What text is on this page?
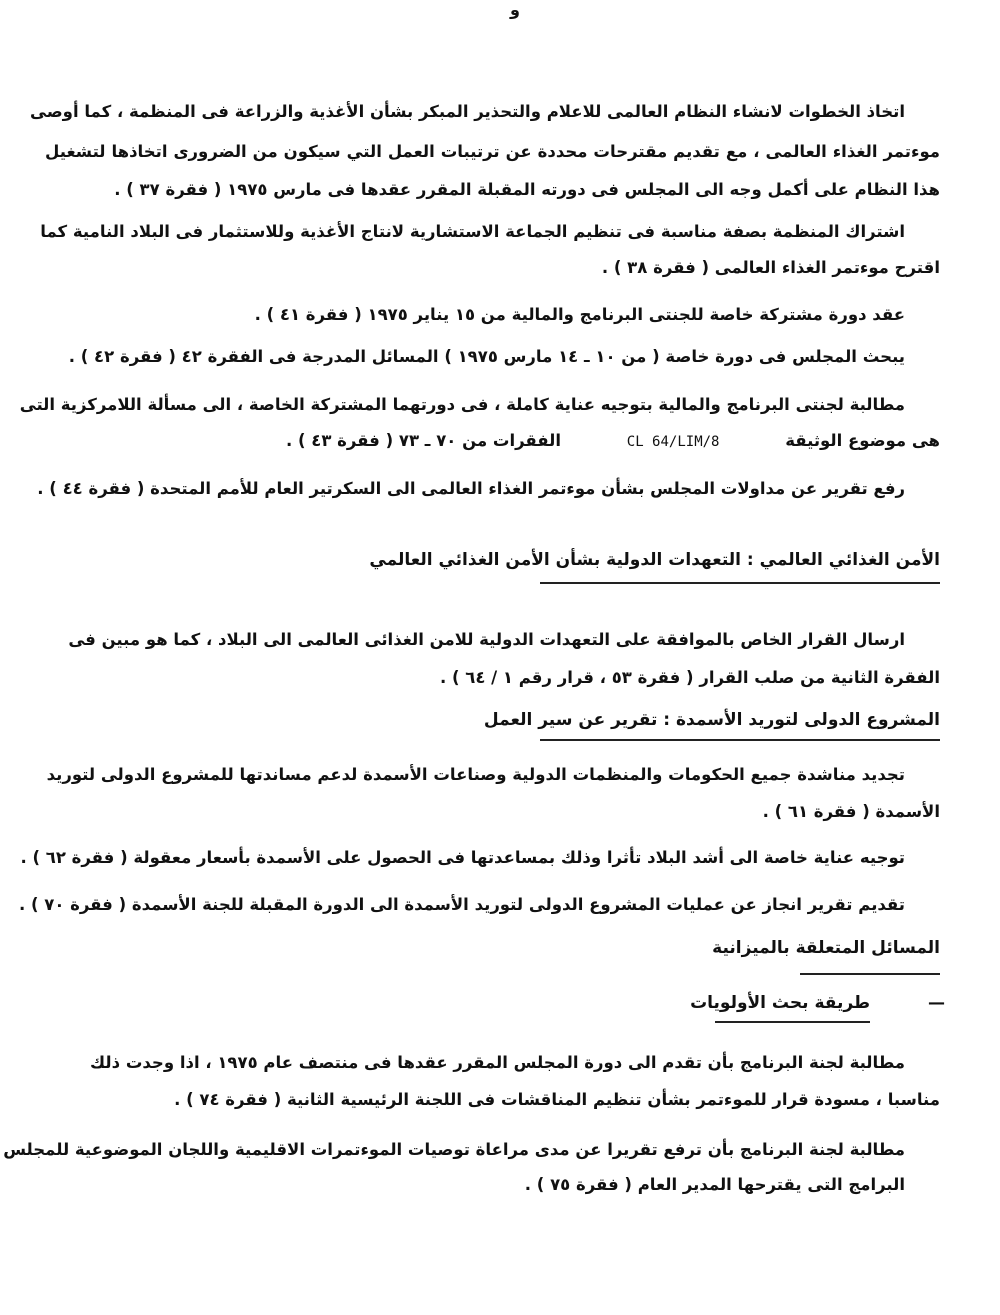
و
اتخاذ الخطوات لانشاء النظام العالمى للاعلام والتحذير المبكر بشأن الأغذية والزراعة فى المنظمة ، كما أوصى
موءتمر الغذاء العالمى ، مع تقديم مقترحات محددة عن ترتيبات العمل التي سيكون من الضرورى اتخاذها لتشغيل
هذا النظام على أكمل وجه الى المجلس فى دورته المقبلة المقرر عقدها فى مارس ١٩٧٥ ( فقرة ٣٧ ) .
اشتراك المنظمة بصفة مناسبة فى تنظيم الجماعة الاستشارية لانتاج الأغذية وللاستثمار فى البلاد النامية كما
اقترح موءتمر الغذاء العالمى ( فقرة ٣٨ ) .
عقد دورة مشتركة خاصة للجنتى البرنامج والمالية من ١٥ يناير ١٩٧٥ ( فقرة ٤١ ) .
يبحث المجلس فى دورة خاصة ( من ١٠ ـ ١٤ مارس ١٩٧٥ ) المسائل المدرجة فى الفقرة ٤٢ ( فقرة ٤٢ ) .
مطالبة لجنتى البرنامج والمالية بتوجيه عناية كاملة ، فى دورتهما المشتركة الخاصة ، الى مسألة اللامركزية التى
هى موضوع الوثيقة CL 64/LIM/8 الفقرات من ٧٠ ـ ٧٣ ( فقرة ٤٣ ) .
رفع تقرير عن مداولات المجلس بشأن موءتمر الغذاء العالمى الى السكرتير العام للأمم المتحدة ( فقرة ٤٤ ) .
الأمن الغذائي العالمي : التعهدات الدولية بشأن الأمن الغذائي العالمي
ارسال القرار الخاص بالموافقة على التعهدات الدولية للامن الغذائى العالمى الى البلاد ، كما هو مبين فى
الفقرة الثانية من صلب القرار ( فقرة ٥٣ ، قرار رقم ١ / ٦٤ ) .
المشروع الدولى لتوريد الأسمدة : تقرير عن سير العمل
تجديد مناشدة جميع الحكومات والمنظمات الدولية وصناعات الأسمدة لدعم مساندتها للمشروع الدولى لتوريد
الأسمدة ( فقرة ٦١ ) .
توجيه عناية خاصة الى أشد البلاد تأثرا وذلك بمساعدتها فى الحصول على الأسمدة بأسعار معقولة ( فقرة ٦٢ ) .
تقديم تقرير انجاز عن عمليات المشروع الدولى لتوريد الأسمدة الى الدورة المقبلة للجنة الأسمدة ( فقرة ٧٠ ) .
المسائل المتعلقة بالميزانية
—
طريقة بحث الأولويات
مطالبة لجنة البرنامج بأن تقدم الى دورة المجلس المقرر عقدها فى منتصف عام ١٩٧٥ ، اذا وجدت ذلك
مناسبا ، مسودة قرار للموءتمر بشأن تنظيم المناقشات فى اللجنة الرئيسية الثانية ( فقرة ٧٤ ) .
مطالبة لجنة البرنامج بأن ترفع تقريرا عن مدى مراعاة توصيات الموءتمرات الاقليمية واللجان الموضوعية للمجلس
البرامج التى يقترحها المدير العام ( فقرة ٧٥ ) .
